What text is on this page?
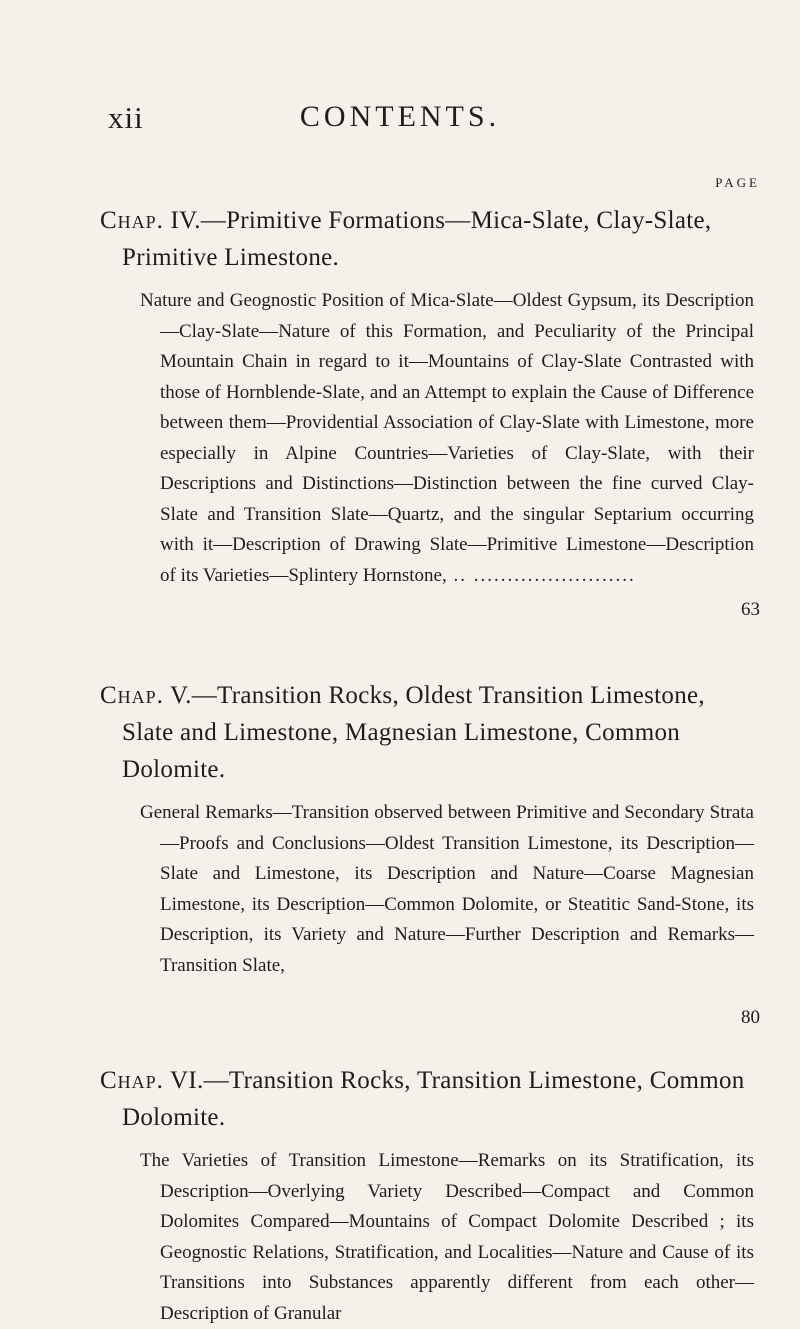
xii	CONTENTS.
PAGE
Chap. IV.—Primitive Formations—Mica-Slate, Clay-Slate, Primitive Limestone.
Nature and Geognostic Position of Mica-Slate—Oldest Gypsum, its Description—Clay-Slate—Nature of this Formation, and Peculiarity of the Principal Mountain Chain in regard to it—Mountains of Clay-Slate Contrasted with those of Hornblende-Slate, and an Attempt to explain the Cause of Difference between them—Providential Association of Clay-Slate with Limestone, more especially in Alpine Countries—Varieties of Clay-Slate, with their Descriptions and Distinctions—Distinction between the fine curved Clay-Slate and Transition Slate—Quartz, and the singular Septarium occurring with it—Description of Drawing Slate—Primitive Limestone—Description of its Varieties—Splintery Hornstone, .. ........................
63
Chap. V.—Transition Rocks, Oldest Transition Limestone, Slate and Limestone, Magnesian Limestone, Common Dolomite.
General Remarks—Transition observed between Primitive and Secondary Strata—Proofs and Conclusions—Oldest Transition Limestone, its Description—Slate and Limestone, its Description and Nature—Coarse Magnesian Limestone, its Description—Common Dolomite, or Steatitic Sand-Stone, its Description, its Variety and Nature—Further Description and Remarks—Transition Slate,
80
Chap. VI.—Transition Rocks, Transition Limestone, Common Dolomite.
The Varieties of Transition Limestone—Remarks on its Stratification, its Description—Overlying Variety Described—Compact and Common Dolomites Compared—Mountains of Compact Dolomite Described ; its Geognostic Relations, Stratification, and Localities—Nature and Cause of its Transitions into Substances apparently different from each other—Description of Granular
